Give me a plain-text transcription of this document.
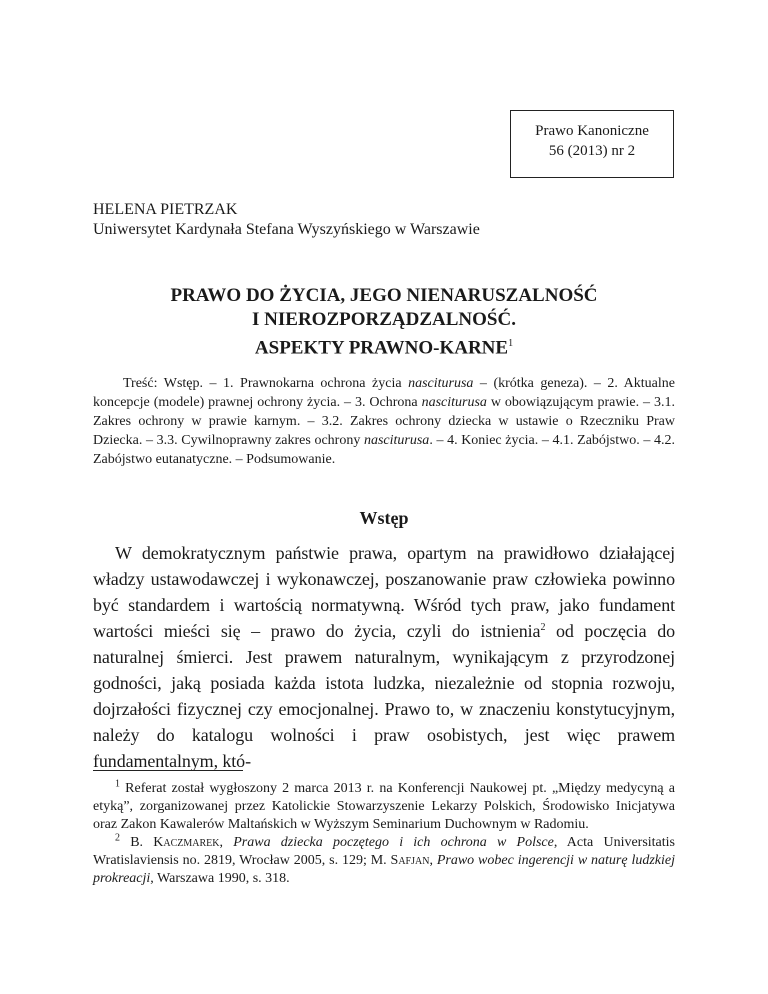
Prawo Kanoniczne
56 (2013) nr 2
HELENA PIETRZAK
Uniwersytet Kardynała Stefana Wyszyńskiego w Warszawie
PRAWO DO ŻYCIA, JEGO NIENARUSZALNOŚĆ
I NIEROZPORZĄDZALNOŚĆ.
ASPEKTY PRAWNO-KARNE$^1$
Treść: Wstęp. – 1. Prawnokarna ochrona życia nasciturusa – (krótka geneza). – 2. Aktualne koncepcje (modele) prawnej ochrony życia. – 3. Ochrona nasciturusa w obowiązującym prawie. – 3.1. Zakres ochrony w prawie karnym. – 3.2. Zakres ochrony dziecka w ustawie o Rzeczniku Praw Dziecka. – 3.3. Cywilnoprawny zakres ochrony nasciturusa. – 4. Koniec życia. – 4.1. Zabójstwo. – 4.2. Zabójstwo eutanatyczne. – Podsumowanie.
Wstęp
W demokratycznym państwie prawa, opartym na prawidłowo działającej władzy ustawodawczej i wykonawczej, poszanowanie praw człowieka powinno być standardem i wartością normatywną. Wśród tych praw, jako fundament wartości mieści się – prawo do życia, czyli do istnienia$^2$ od poczęcia do naturalnej śmierci. Jest prawem naturalnym, wynikającym z przyrodzonej godności, jaką posiada każda istota ludzka, niezależnie od stopnia rozwoju, dojrzałości fizycznej czy emocjonalnej. Prawo to, w znaczeniu konstytucyjnym, należy do katalogu wolności i praw osobistych, jest więc prawem fundamentalnym, któ-

$^1$ Referat został wygłoszony 2 marca 2013 r. na Konferencji Naukowej pt. „Między medycyną a etyką”, zorganizowanej przez Katolickie Stowarzyszenie Lekarzy Polskich, Środowisko Inicjatywa oraz Zakon Kawalerów Maltańskich w Wyższym Seminarium Duchownym w Radomiu.

$^2$ B. Kaczmarek, Prawa dziecka poczętego i ich ochrona w Polsce, Acta Universitatis Wratislaviensis no. 2819, Wrocław 2005, s. 129; M. Safjan, Prawo wobec ingerencji w naturę ludzkiej prokreacji, Warszawa 1990, s. 318.
